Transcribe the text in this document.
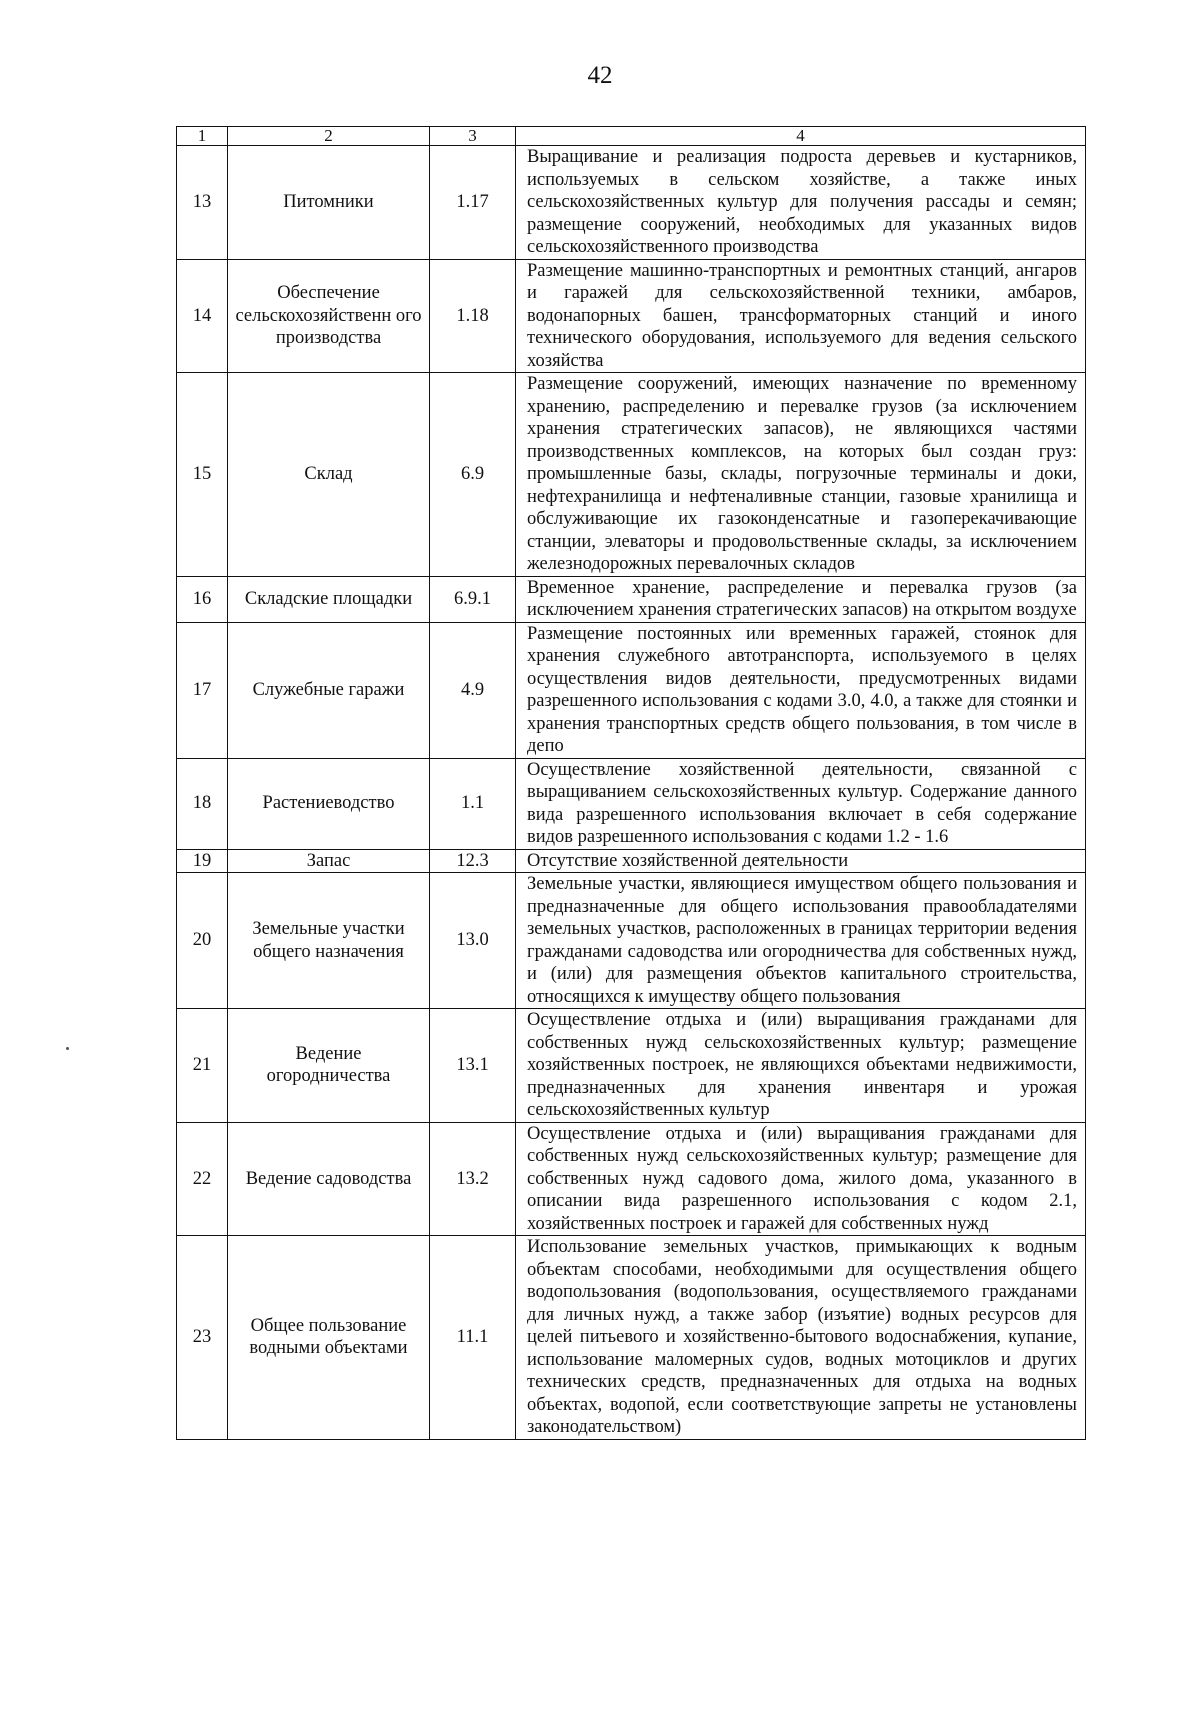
42
1	2	3	4
13	Питомники	1.17	Выращивание и реализация подроста деревьев и кустарников, используемых в сельском хозяйстве, а также иных сельскохозяйственных культур для получения рассады и семян; размещение сооружений, необходимых для указанных видов сельскохозяйственного производства
14	Обеспечение сельскохозяйственн ого производства	1.18	Размещение машинно-транспортных и ремонтных станций, ангаров и гаражей для сельскохозяйственной техники, амбаров, водонапорных башен, трансформаторных станций и иного технического оборудования, используемого для ведения сельского хозяйства
15	Склад	6.9	Размещение сооружений, имеющих назначение по временному хранению, распределению и перевалке грузов (за исключением хранения стратегических запасов), не являющихся частями производственных комплексов, на которых был создан груз: промышленные базы, склады, погрузочные терминалы и доки, нефтехранилища и нефтеналивные станции, газовые хранилища и обслуживающие их газоконденсатные и газоперекачивающие станции, элеваторы и продовольственные склады, за исключением железнодорожных перевалочных складов
16	Складские площадки	6.9.1	Временное хранение, распределение и перевалка грузов (за исключением хранения стратегических запасов) на открытом воздухе
17	Служебные гаражи	4.9	Размещение постоянных или временных гаражей, стоянок для хранения служебного автотранспорта, используемого в целях осуществления видов деятельности, предусмотренных видами разрешенного использования с кодами 3.0, 4.0, а также для стоянки и хранения транспортных средств общего пользования, в том числе в депо
18	Растениеводство	1.1	Осуществление хозяйственной деятельности, связанной с выращиванием сельскохозяйственных культур. Содержание данного вида разрешенного использования включает в себя содержание видов разрешенного использования с кодами 1.2 - 1.6
19	Запас	12.3	Отсутствие хозяйственной деятельности
20	Земельные участки общего назначения	13.0	Земельные участки, являющиеся имуществом общего пользования и предназначенные для общего использования правообладателями земельных участков, расположенных в границах территории ведения гражданами садоводства или огородничества для собственных нужд, и (или) для размещения объектов капитального строительства, относящихся к имуществу общего пользования
21	Ведение огородничества	13.1	Осуществление отдыха и (или) выращивания гражданами для собственных нужд сельскохозяйственных культур; размещение хозяйственных построек, не являющихся объектами недвижимости, предназначенных для хранения инвентаря и урожая сельскохозяйственных культур
22	Ведение садоводства	13.2	Осуществление отдыха и (или) выращивания гражданами для собственных нужд сельскохозяйственных культур; размещение для собственных нужд садового дома, жилого дома, указанного в описании вида разрешенного использования с кодом 2.1, хозяйственных построек и гаражей для собственных нужд
23	Общее пользование водными объектами	11.1	Использование земельных участков, примыкающих к водным объектам способами, необходимыми для осуществления общего водопользования (водопользования, осуществляемого гражданами для личных нужд, а также забор (изъятие) водных ресурсов для целей питьевого и хозяйственно-бытового водоснабжения, купание, использование маломерных судов, водных мотоциклов и других технических средств, предназначенных для отдыха на водных объектах, водопой, если соответствующие запреты не установлены законодательством)
